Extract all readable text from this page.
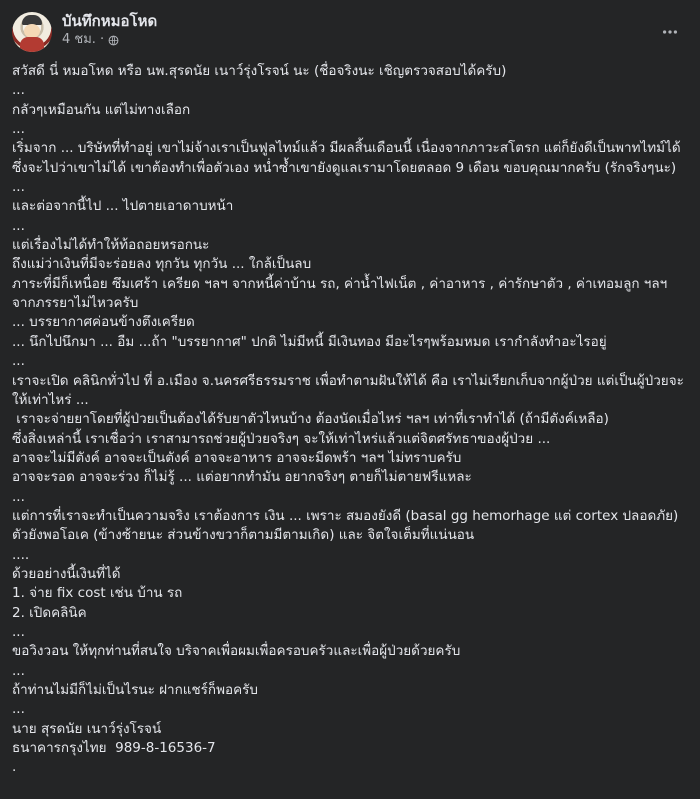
บันทึกหมอโหด
4 ชม. ·
สวัสดี นี่ หมอโหด หรือ นพ.สุรดนัย เนาว์รุ่งโรจน์ นะ (ชื่อจริงนะ เชิญตรวจสอบได้ครับ)
...
กลัวๆเหมือนกัน แต่ไม่ทางเลือก
...
เริ่มจาก ... บริษัทที่ทำอยู่ เขาไม่จ้างเราเป็นฟูลไทม์แล้ว มีผลสิ้นเดือนนี้ เนื่องจากภาวะสโตรก แต่ก็ยังดีเป็นพาทไทม์ได้ ซึ่งจะไปว่าเขาไม่ได้ เขาต้องทำเพื่อตัวเอง หน่ำซ้ำเขายังดูแลเรามาโดยตลอด 9 เดือน ขอบคุณมากครับ (รักจริงๆนะ)
...
และต่อจากนี้ไป ... ไปตายเอาดาบหน้า
...
แต่เรื่องไม่ได้ทำให้ท้อถอยหรอกนะ
ถึงแม่ว่าเงินที่มีจะร่อยลง ทุกวัน ทุกวัน ... ใกล้เป็นลบ
ภาระที่มีก็เหนื่อย ซึมเศร้า เครียด ฯลฯ จากหนี้ค่าบ้าน รถ, ค่าน้ำไฟเน็ต , ค่าอาหาร , ค่ารักษาตัว , ค่าเทอมลูก ฯลฯ จากภรรยาไม่ไหวครับ
... บรรยากาศค่อนข้างตึงเครียด
... นึกไปนึกมา ... อืม ...ถ้า "บรรยากาศ" ปกติ ไม่มีหนี้ มีเงินทอง มีอะไรๆพร้อมหมด เรากำลังทำอะไรอยู่
...
เราจะเปิด คลินิกทั่วไป ที่ อ.เมือง จ.นครศรีธรรมราช เพื่อทำตามฝันให้ได้ คือ เราไม่เรียกเก็บจากผู้ป่วย แต่เป็นผู้ป่วยจะให้เท่าไหร่ ...
เราจะจ่ายยาโดยที่ผู้ป่วยเป็นต้องได้รับยาตัวไหนบ้าง ต้องนัดเมื่อไหร่ ฯลฯ เท่าที่เราทำได้ (ถ้ามีตังค์เหลือ)
ซึ่งสิ่งเหล่านี้ เราเชื่อว่า เราสามารถช่วยผู้ป่วยจริงๆ จะให้เท่าไหร่แล้วแต่จิตศรัทธาของผู้ป่วย ...
อาจจะไม่มีตังค์ อาจจะเป็นตังค์ อาจจะอาหาร อาจจะมีดพร้า ฯลฯ ไม่ทราบครับ
อาจจะรอด อาจจะร่วง ก็ไม่รู้ ... แต่อยากทำมัน อยากจริงๆ ตายก็ไม่ตายฟรีแหละ
...
แต่การที่เราจะทำเป็นความจริง เราต้องการ เงิน ... เพราะ สมองยังดี (basal gg hemorhage แต่ cortex ปลอดภัย) ตัวยังพอโอเค (ข้างซ้ายนะ ส่วนข้างขวาก็ตามมีตามเกิด) และ จิตใจเต็มที่แน่นอน
....
ด้วยอย่างนี้เงินที่ได้
1. จ่าย fix cost เช่น บ้าน รถ
2. เปิดคลินิค
...
ขอวิงวอน ให้ทุกท่านที่สนใจ บริจาคเพื่อผมเพื่อครอบครัวและเพื่อผู้ป่วยด้วยครับ
...
ถ้าท่านไม่มีก็ไม่เป็นไรนะ ฝากแชร์ก็พอครับ
...
นาย สุรดนัย เนาว์รุ่งโรจน์
ธนาคารกรุงไทย  989-8-16536-7
.
